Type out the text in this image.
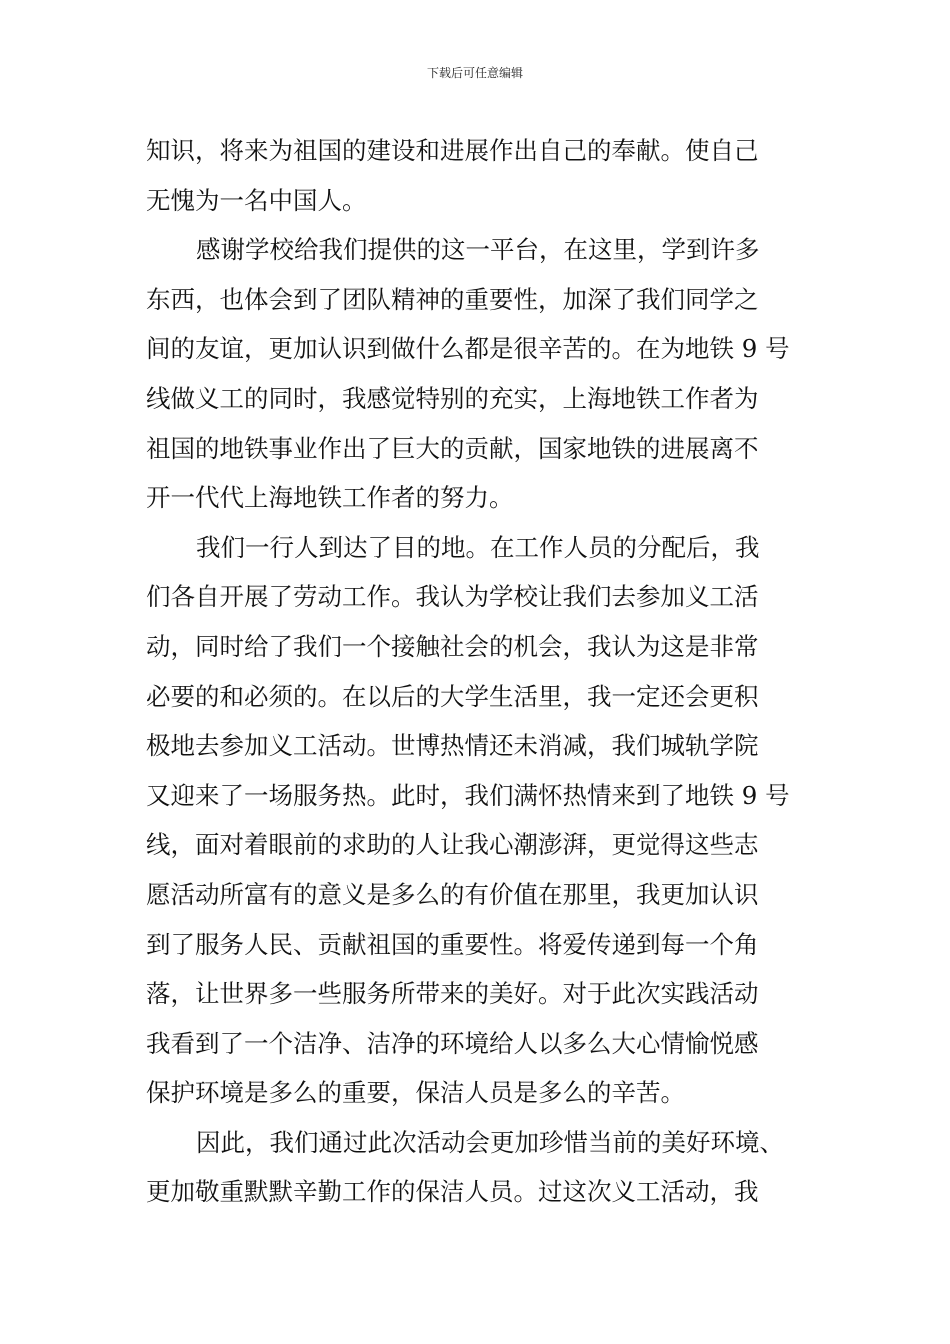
下载后可任意编辑
知识，将来为祖国的建设和进展作出自己的奉献。使自己
无愧为一名中国人。
感谢学校给我们提供的这一平台，在这里，学到许多
东西，也体会到了团队精神的重要性，加深了我们同学之
间的友谊，更加认识到做什么都是很辛苦的。在为地铁 9 号
线做义工的同时，我感觉特别的充实，上海地铁工作者为
祖国的地铁事业作出了巨大的贡献，国家地铁的进展离不
开一代代上海地铁工作者的努力。
我们一行人到达了目的地。在工作人员的分配后，我
们各自开展了劳动工作。我认为学校让我们去参加义工活
动，同时给了我们一个接触社会的机会，我认为这是非常
必要的和必须的。在以后的大学生活里，我一定还会更积
极地去参加义工活动。世博热情还未消减，我们城轨学院
又迎来了一场服务热。此时，我们满怀热情来到了地铁 9 号
线，面对着眼前的求助的人让我心潮澎湃，更觉得这些志
愿活动所富有的意义是多么的有价值在那里，我更加认识
到了服务人民、贡献祖国的重要性。将爱传递到每一个角
落，让世界多一些服务所带来的美好。对于此次实践活动
我看到了一个洁净、洁净的环境给人以多么大心情愉悦感
保护环境是多么的重要，保洁人员是多么的辛苦。
因此，我们通过此次活动会更加珍惜当前的美好环境、
更加敬重默默辛勤工作的保洁人员。过这次义工活动，我
